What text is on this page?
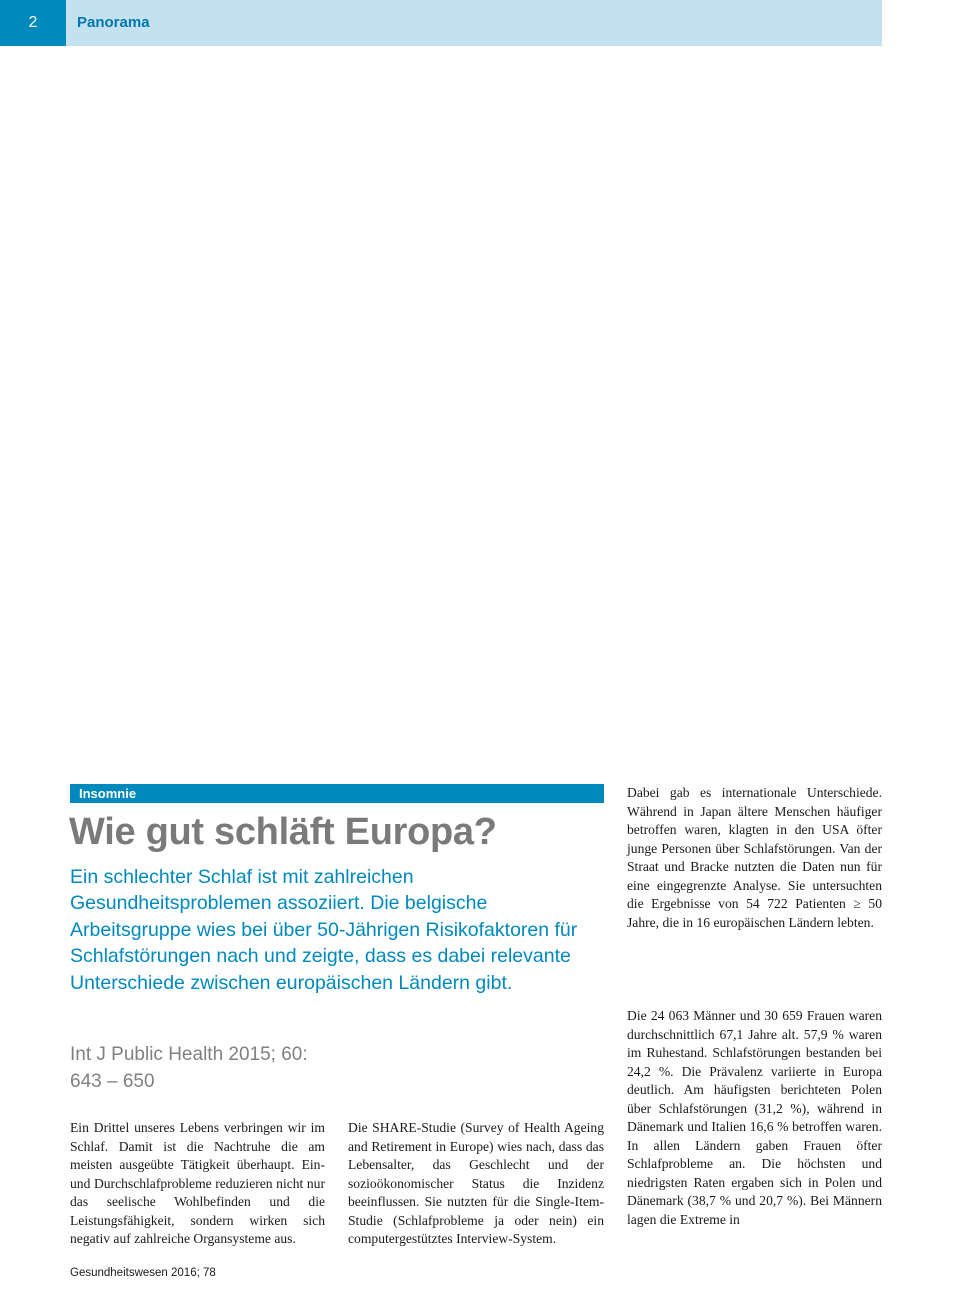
2	Panorama
Insomnie
Wie gut schläft Europa?

Ein schlechter Schlaf ist mit zahlreichen Gesundheitsproblemen assoziiert. Die belgische Arbeitsgruppe wies bei über 50-Jährigen Risikofaktoren für Schlafstörungen nach und zeigte, dass es dabei relevante Unterschiede zwischen europäischen Ländern gibt.

Int J Public Health 2015; 60:
643 – 650

Ein Drittel unseres Lebens verbringen wir im Schlaf. Damit ist die Nachtruhe die am meisten ausgeübte Tätigkeit überhaupt. Ein- und Durchschlafprobleme reduzieren nicht nur das seelische Wohlbefinden und die Leistungsfähigkeit, sondern wirken sich negativ auf zahlreiche Organsysteme aus.

Die SHARE-Studie (Survey of Health Ageing and Retirement in Europe) wies nach, dass das Lebensalter, das Geschlecht und der sozioökonomischer Status die Inzidenz beeinflussen. Sie nutzten für die Single-Item-Studie (Schlafprobleme ja oder nein) ein computergestütztes Interview-System.

Dabei gab es internationale Unterschiede. Während in Japan ältere Menschen häufiger betroffen waren, klagten in den USA öfter junge Personen über Schlafstörungen. Van der Straat und Bracke nutzten die Daten nun für eine eingegrenzte Analyse. Sie untersuchten die Ergebnisse von 54 722 Patienten ≥ 50 Jahre, die in 16 europäischen Ländern lebten.

Die 24 063 Männer und 30 659 Frauen waren durchschnittlich 67,1 Jahre alt. 57,9 % waren im Ruhestand. Schlafstörungen bestanden bei 24,2 %. Die Prävalenz variierte in Europa deutlich. Am häufigsten berichteten Polen über Schlafstörungen (31,2 %), während in Dänemark und Italien 16,6 % betroffen waren. In allen Ländern gaben Frauen öfter Schlafprobleme an. Die höchsten und niedrigsten Raten ergaben sich in Polen und Dänemark (38,7 % und 20,7 %). Bei Männern lagen die Extreme in

Gesundheitswesen 2016; 78
